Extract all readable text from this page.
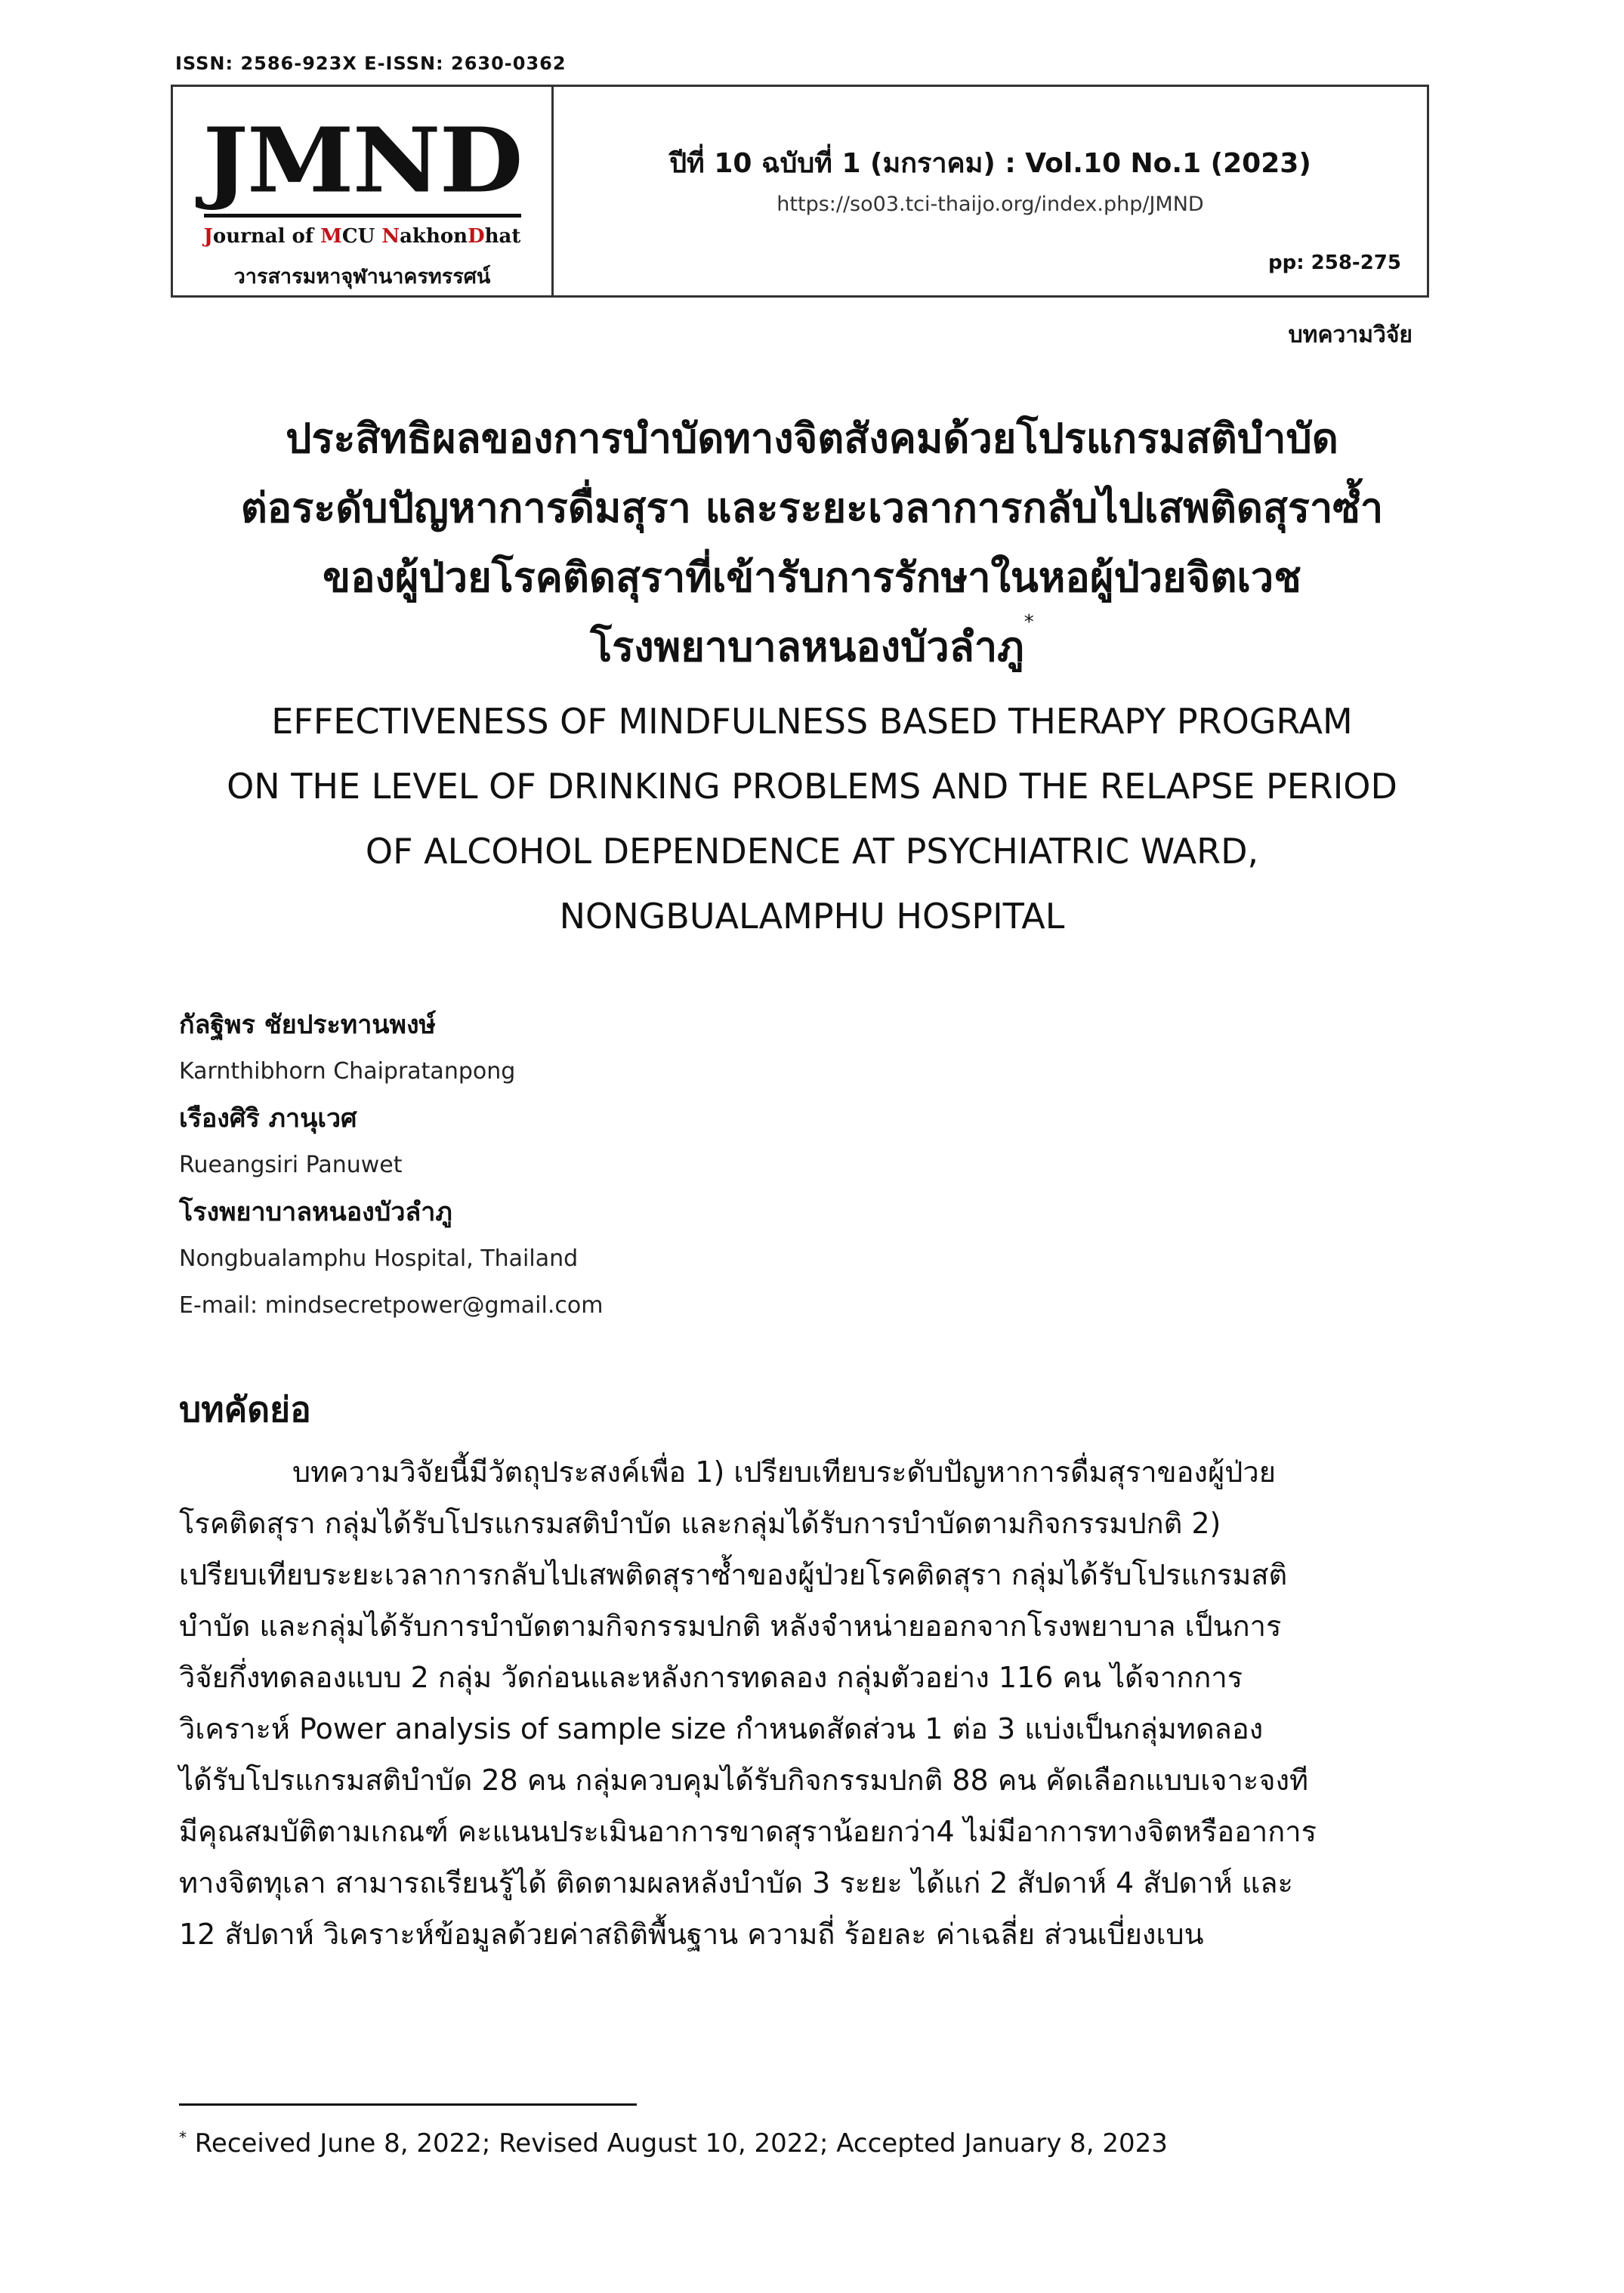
ISSN: 2586-923X E-ISSN: 2630-0362
JMND
Journal of MCU NakhonDhat
วารสารมหาจุฬานาครทรรศน์
ปีที่ 10 ฉบับที่ 1 (มกราคม) : Vol.10 No.1 (2023)
https://so03.tci-thaijo.org/index.php/JMND
pp: 258-275
บทความวิจัย
ประสิทธิผลของการบำบัดทางจิตสังคมด้วยโปรแกรมสติบำบัด
ต่อระดับปัญหาการดื่มสุรา และระยะเวลาการกลับไปเสพติดสุราซ้ำ
ของผู้ป่วยโรคติดสุราที่เข้ารับการรักษาในหอผู้ป่วยจิตเวช
โรงพยาบาลหนองบัวลำภู*
EFFECTIVENESS OF MINDFULNESS BASED THERAPY PROGRAM
ON THE LEVEL OF DRINKING PROBLEMS AND THE RELAPSE PERIOD
OF ALCOHOL DEPENDENCE AT PSYCHIATRIC WARD,
NONGBUALAMPHU HOSPITAL
กัลฐิพร ชัยประทานพงษ์
Karnthibhorn Chaipratanpong
เรืองศิริ ภานุเวศ
Rueangsiri Panuwet
โรงพยาบาลหนองบัวลำภู
Nongbualamphu Hospital, Thailand
E-mail: mindsecretpower@gmail.com
บทคัดย่อ
บทความวิจัยนี้มีวัตถุประสงค์เพื่อ 1) เปรียบเทียบระดับปัญหาการดื่มสุราของผู้ป่วย
โรคติดสุรา กลุ่มได้รับโปรแกรมสติบำบัด และกลุ่มได้รับการบำบัดตามกิจกรรมปกติ 2)
เปรียบเทียบระยะเวลาการกลับไปเสพติดสุราซ้ำของผู้ป่วยโรคติดสุรา กลุ่มได้รับโปรแกรมสติ
บำบัด และกลุ่มได้รับการบำบัดตามกิจกรรมปกติ หลังจำหน่ายออกจากโรงพยาบาล เป็นการ
วิจัยกึ่งทดลองแบบ 2 กลุ่ม วัดก่อนและหลังการทดลอง กลุ่มตัวอย่าง 116 คน ได้จากการ
วิเคราะห์ Power analysis of sample size กำหนดสัดส่วน 1 ต่อ 3 แบ่งเป็นกลุ่มทดลอง
ได้รับโปรแกรมสติบำบัด 28 คน กลุ่มควบคุมได้รับกิจกรรมปกติ 88 คน คัดเลือกแบบเจาะจงที
มีคุณสมบัติตามเกณฑ์ คะแนนประเมินอาการขาดสุราน้อยกว่า4 ไม่มีอาการทางจิตหรืออาการ
ทางจิตทุเลา สามารถเรียนรู้ได้ ติดตามผลหลังบำบัด 3 ระยะ ได้แก่ 2 สัปดาห์ 4 สัปดาห์ และ
12 สัปดาห์ วิเคราะห์ข้อมูลด้วยค่าสถิติพื้นฐาน ความถี่ ร้อยละ ค่าเฉลี่ย ส่วนเบี่ยงเบน
* Received June 8, 2022; Revised August 10, 2022; Accepted January 8, 2023
